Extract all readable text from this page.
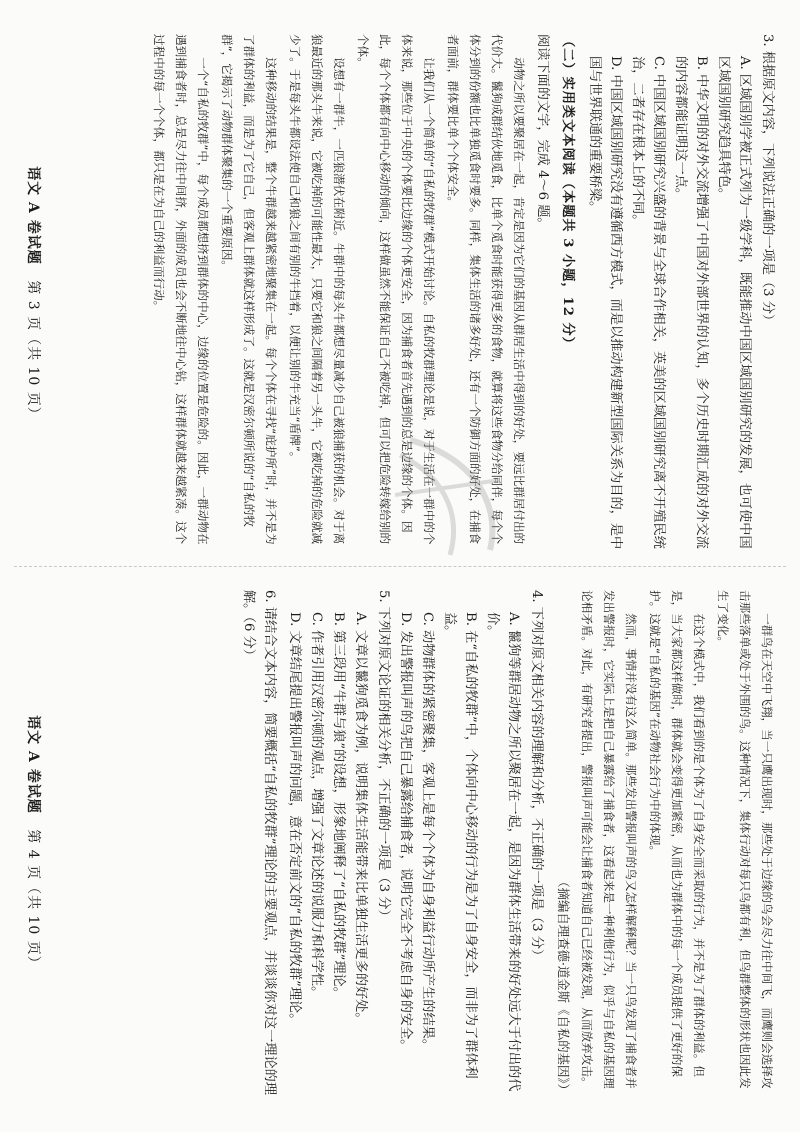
3. 根据原文内容，下列说法正确的一项是（3 分）

A. 区域国别学被正式列为一级学科，既能推动中国区域国别研究的发展，也可使中国区域国别研究趋具特色。

B. 中华文明的对外交流增强了中国对外部世界的认知，多个历史时期汇成的对外交流的内容都能证明这一点。

C. 中国区域国别研究兴盛的背景与全球合作相关，英美的区域国别研究离不开殖民统治，二者存在根本上的不同。

D. 中国区域国别研究没有遵循西方模式，而是以推动构建新型国际关系为目的，是中国与世界联通的重要桥梁。

（二）实用类文本阅读（本题共 3 小题，12 分）

阅读下面的文字，完成 4～6 题。

动物之所以要聚居在一起，肯定是因为它们的基因从群居生活中得到的好处，要远比群居付出的代价大。鬣狗成群结伙地觅食，比单个觅食时能获得更多的食物，就算将这些食物分给同伴，每个个体分到的份额也比单独觅食时要多。同样，集体生活的诸多好处，还有一个防御方面的好处，在捕食者面前，群体要比单个个体安全。

让我们从一个简单的“自私的牧群”模式开始讨论。自私的牧群理论是说，对于生活在一群中的个体来说，那些位于中央的个体要比边缘的个体更安全，因为捕食者首先遇到的总是边缘的个体。因此，每个个体都有向中心移动的倾向，这样做虽然不能保证自己不被吃掉，但可以把危险转嫁给别的个体。

设想有一群牛，一匹狼潜伏在附近。牛群中的每头牛都想尽量减少自己被狼捕获的机会。对于离狼最近的那头牛来说，它被吃掉的可能性最大，只要它和狼之间隔着另一头牛，它被吃掉的危险就减少了。于是每头牛都设法使自己和狼之间有别的牛挡着，以便让别的牛充当“盾牌”。

这种移动的结果是，整个牛群越来越紧密地聚集在一起。每个个体在寻找“庇护所”时，并不是为了群体的利益，而是为了它自己，但客观上群体就这样形成了。这就是汉密尔顿所说的“自私的牧群”，它揭示了动物群体聚集的一个重要原因。

一个“自私的牧群”中，每个成员都想挤到群体的中心，边缘的位置是危险的。因此，一群动物在遇到捕食者时，总是尽力往中间挤，外面的成员也会不断地往中心钻，这样群体就越来越紧凑。这个过程中的每一个个体，都只是在为自己的利益而行动。

语文 A 卷试题 第 3 页（共 10 页）

一群鸟在天空中飞翔，当一只鹰出现时，那些处于边缘的鸟会尽力往中间飞，而鹰则会选择攻击那些落单或处于外围的鸟。这种情况下，集体行动对每只鸟都有利，但鸟群整体的形状也因此发生了变化。

在这个模式中，我们看到的是个体为了自身安全而采取的行为，并不是为了群体的利益。但是，当大家都这样做时，群体就会变得更加紧密，从而也为群体中的每一个成员提供了更好的保护。这就是“自私的基因”在动物社会行为中的体现。

然而，事情并没有这么简单。那些发出警报叫声的鸟又怎样解释呢？当一只鸟发现了捕食者并发出警报时，它实际上是把自己暴露给了捕食者，这看起来是一种利他行为，似乎与自私的基因理论相矛盾。对此，有研究者提出，警报叫声可能会让捕食者知道自己已经被发现，从而放弃攻击。

（摘编自理查德·道金斯《自私的基因》）

4. 下列对原文相关内容的理解和分析，不正确的一项是（3 分）

A. 鬣狗等群居动物之所以聚居在一起，是因为群体生活带来的好处远大于付出的代价。

B. 在“自私的牧群”中，个体向中心移动的行为是为了自身安全，而非为了群体利益。

C. 动物群体的紧密聚集，客观上是每个个体为自身利益行动所产生的结果。

D. 发出警报叫声的鸟把自己暴露给捕食者，说明它完全不考虑自身的安全。

5. 下列对原文论证的相关分析，不正确的一项是（3 分）

A. 文章以鬣狗觅食为例，说明集体生活能带来比单独生活更多的好处。

B. 第三段用“牛群与狼”的设想，形象地阐释了“自私的牧群”理论。

C. 作者引用汉密尔顿的观点，增强了文章论述的说服力和科学性。

D. 文章结尾提出警报叫声的问题，意在否定前文的“自私的牧群”理论。

6. 请结合文本内容，简要概括“自私的牧群”理论的主要观点，并谈谈你对这一理论的理解。（6 分）

语文 A 卷试题 第 4 页（共 10 页）
